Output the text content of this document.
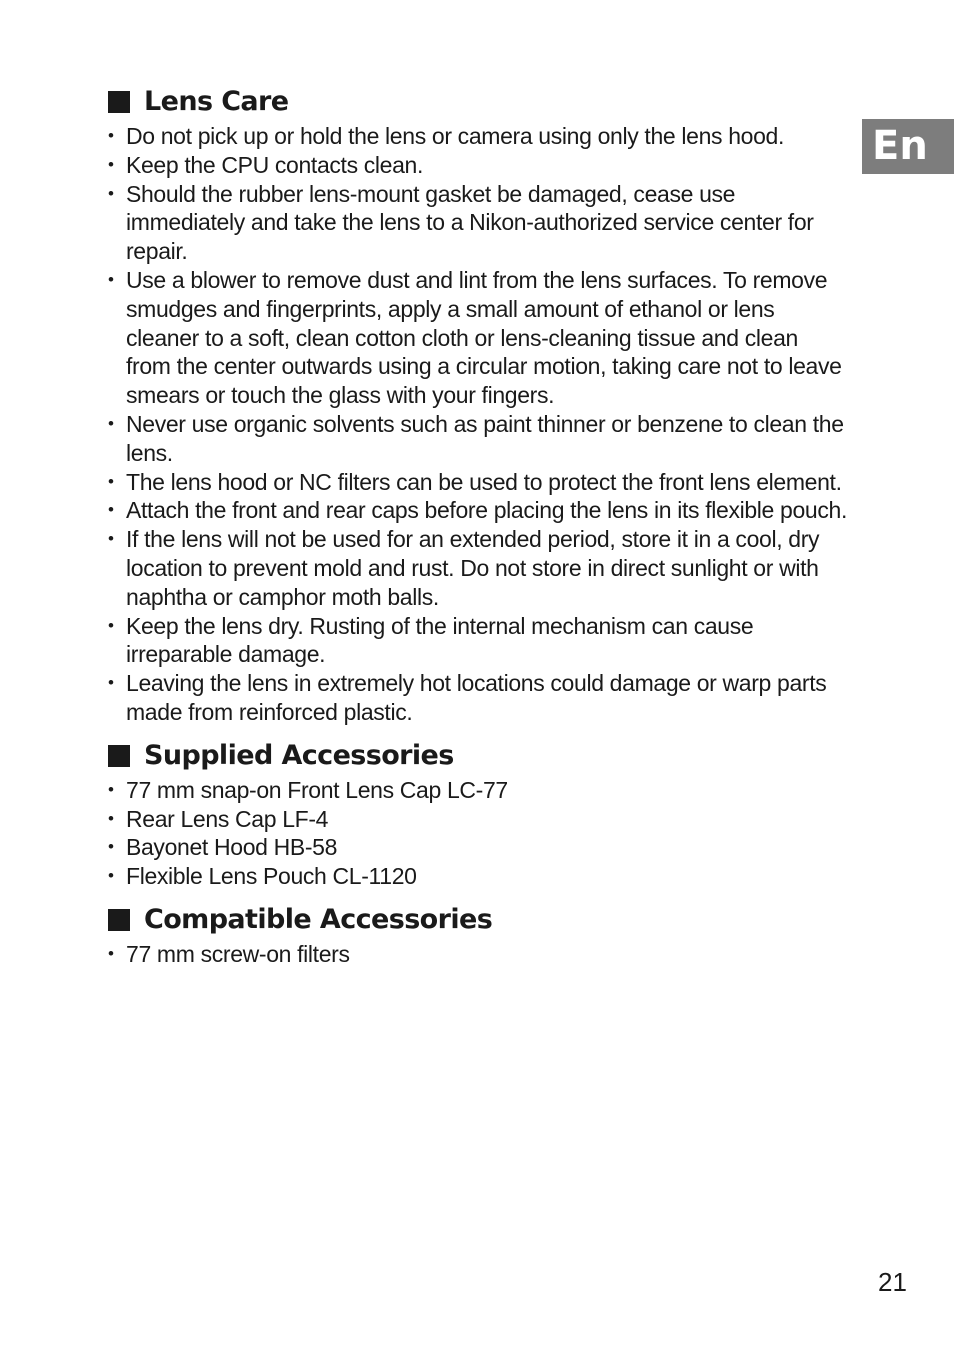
En
Lens Care
• Do not pick up or hold the lens or camera using only the lens hood.
• Keep the CPU contacts clean.
• Should the rubber lens-mount gasket be damaged, cease use immediately and take the lens to a Nikon-authorized service center for repair.
• Use a blower to remove dust and lint from the lens surfaces. To remove smudges and fingerprints, apply a small amount of ethanol or lens cleaner to a soft, clean cotton cloth or lens-cleaning tissue and clean from the center outwards using a circular motion, taking care not to leave smears or touch the glass with your fingers.
• Never use organic solvents such as paint thinner or benzene to clean the lens.
• The lens hood or NC filters can be used to protect the front lens element.
• Attach the front and rear caps before placing the lens in its flexible pouch.
• If the lens will not be used for an extended period, store it in a cool, dry location to prevent mold and rust. Do not store in direct sunlight or with naphtha or camphor moth balls.
• Keep the lens dry. Rusting of the internal mechanism can cause irreparable damage.
• Leaving the lens in extremely hot locations could damage or warp parts made from reinforced plastic.
Supplied Accessories
• 77 mm snap-on Front Lens Cap LC-77
• Rear Lens Cap LF-4
• Bayonet Hood HB-58
• Flexible Lens Pouch CL-1120
Compatible Accessories
• 77 mm screw-on filters
21
